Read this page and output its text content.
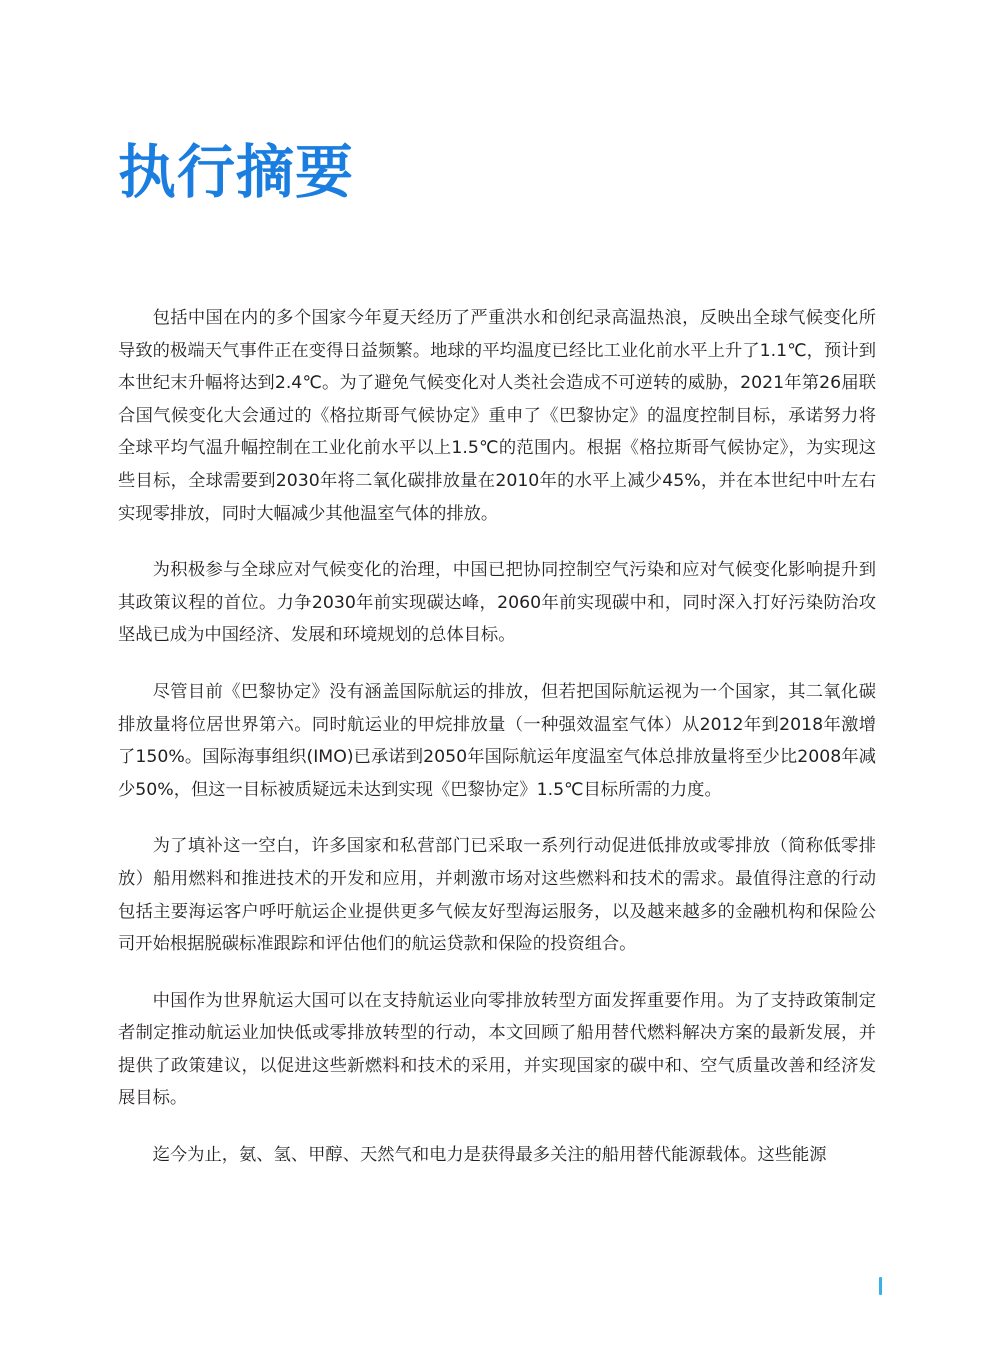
执行摘要

包括中国在内的多个国家今年夏天经历了严重洪水和创纪录高温热浪，反映出全球气候变化所导致的极端天气事件正在变得日益频繁。地球的平均温度已经比工业化前水平上升了1.1℃，预计到本世纪末升幅将达到2.4℃。为了避免气候变化对人类社会造成不可逆转的威胁，2021年第26届联合国气候变化大会通过的《格拉斯哥气候协定》重申了《巴黎协定》的温度控制目标，承诺努力将全球平均气温升幅控制在工业化前水平以上1.5℃的范围内。根据《格拉斯哥气候协定》，为实现这些目标，全球需要到2030年将二氧化碳排放量在2010年的水平上减少45%，并在本世纪中叶左右实现零排放，同时大幅减少其他温室气体的排放。

为积极参与全球应对气候变化的治理，中国已把协同控制空气污染和应对气候变化影响提升到其政策议程的首位。力争2030年前实现碳达峰，2060年前实现碳中和，同时深入打好污染防治攻坚战已成为中国经济、发展和环境规划的总体目标。

尽管目前《巴黎协定》没有涵盖国际航运的排放，但若把国际航运视为一个国家，其二氧化碳排放量将位居世界第六。同时航运业的甲烷排放量（一种强效温室气体）从2012年到2018年激增了150%。国际海事组织(IMO)已承诺到2050年国际航运年度温室气体总排放量将至少比2008年减少50%，但这一目标被质疑远未达到实现《巴黎协定》1.5℃目标所需的力度。

为了填补这一空白，许多国家和私营部门已采取一系列行动促进低排放或零排放（简称低零排放）船用燃料和推进技术的开发和应用，并刺激市场对这些燃料和技术的需求。最值得注意的行动包括主要海运客户呼吁航运企业提供更多气候友好型海运服务，以及越来越多的金融机构和保险公司开始根据脱碳标准跟踪和评估他们的航运贷款和保险的投资组合。

中国作为世界航运大国可以在支持航运业向零排放转型方面发挥重要作用。为了支持政策制定者制定推动航运业加快低或零排放转型的行动，本文回顾了船用替代燃料解决方案的最新发展，并提供了政策建议，以促进这些新燃料和技术的采用，并实现国家的碳中和、空气质量改善和经济发展目标。

迄今为止，氨、氢、甲醇、天然气和电力是获得最多关注的船用替代能源载体。这些能源
